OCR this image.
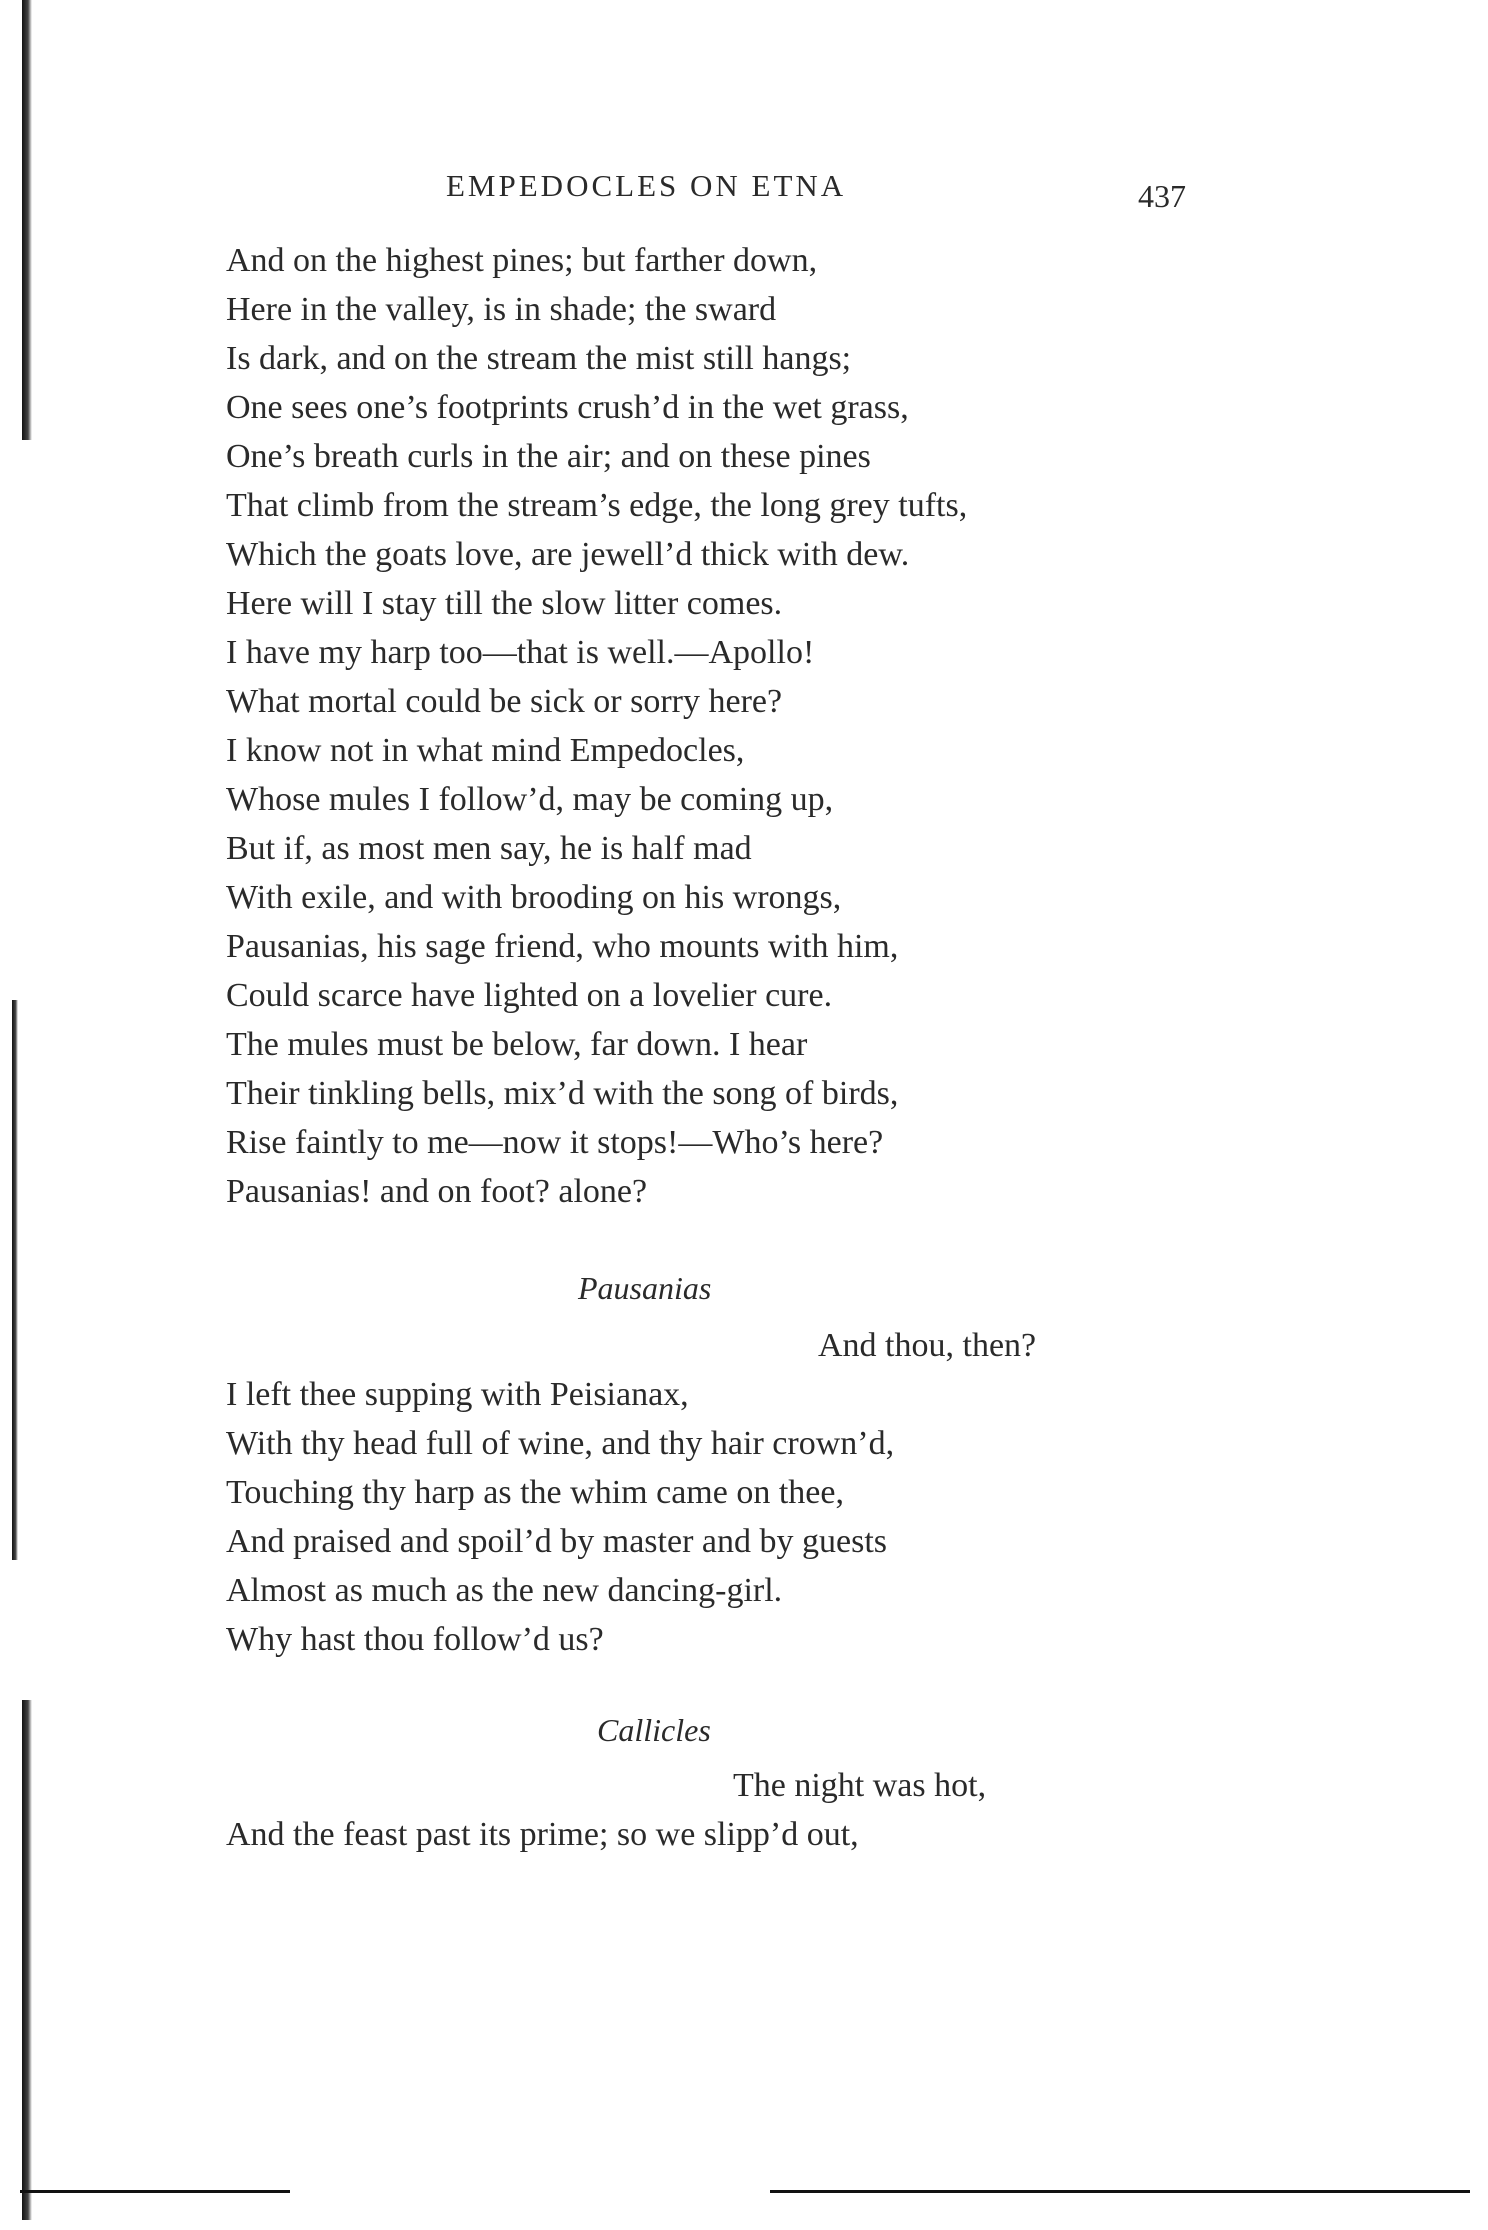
EMPEDOCLES ON ETNA	437
And on the highest pines; but farther down,
Here in the valley, is in shade; the sward
Is dark, and on the stream the mist still hangs;
One sees one’s footprints crush’d in the wet grass,
One’s breath curls in the air; and on these pines
That climb from the stream’s edge, the long grey tufts,
Which the goats love, are jewell’d thick with dew.
Here will I stay till the slow litter comes.
I have my harp too—that is well.—Apollo!
What mortal could be sick or sorry here?
I know not in what mind Empedocles,
Whose mules I follow’d, may be coming up,
But if, as most men say, he is half mad
With exile, and with brooding on his wrongs,
Pausanias, his sage friend, who mounts with him,
Could scarce have lighted on a lovelier cure.
The mules must be below, far down. I hear
Their tinkling bells, mix’d with the song of birds,
Rise faintly to me—now it stops!—Who’s here?
Pausanias! and on foot? alone?
Pausanias
And thou, then?
I left thee supping with Peisianax,
With thy head full of wine, and thy hair crown’d,
Touching thy harp as the whim came on thee,
And praised and spoil’d by master and by guests
Almost as much as the new dancing-girl.
Why hast thou follow’d us?
Callicles
The night was hot,
And the feast past its prime; so we slipp’d out,
